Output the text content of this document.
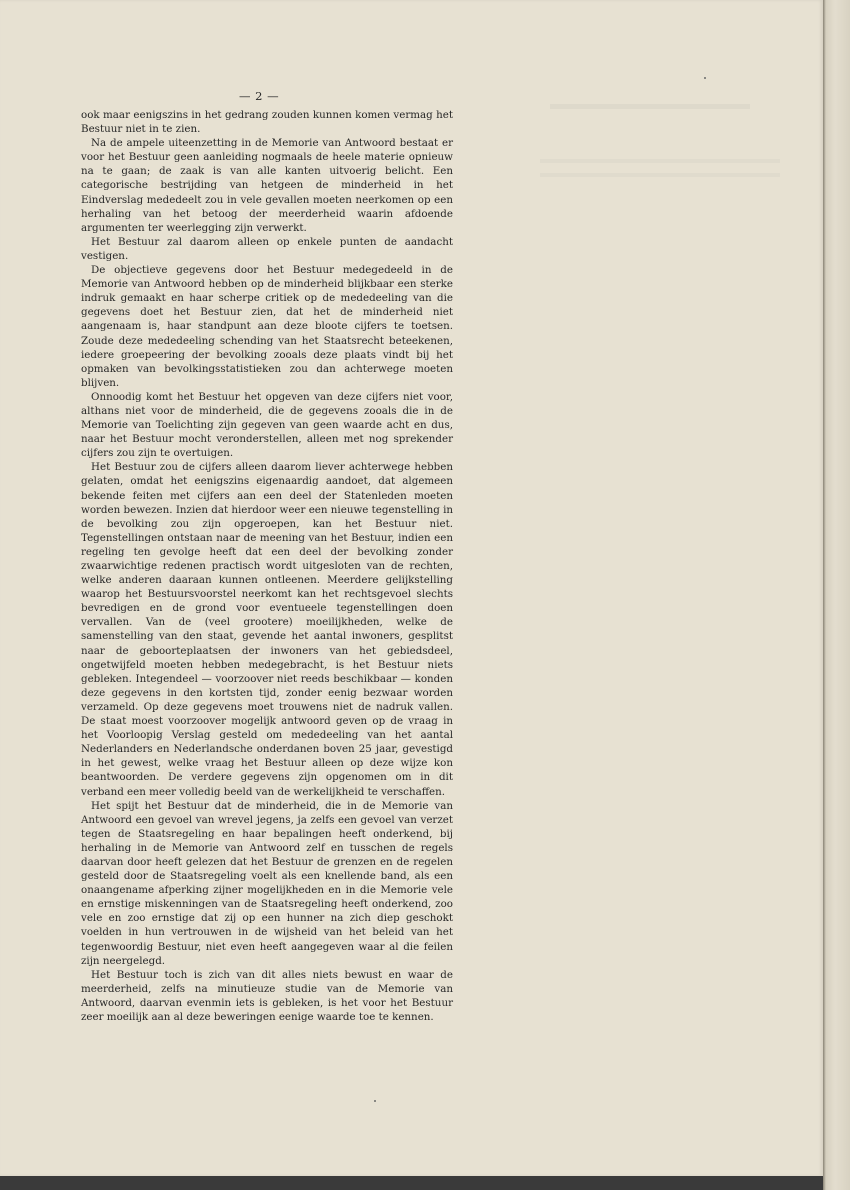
— 2 —

ook maar eenigszins in het gedrang zouden kunnen komen vermag het Bestuur niet in te zien.

Na de ampele uiteenzetting in de Memorie van Antwoord bestaat er voor het Bestuur geen aanleiding nogmaals de heele materie opnieuw na te gaan; de zaak is van alle kanten uitvoerig belicht. Een categorische bestrijding van hetgeen de minderheid in het Eindverslag mededeelt zou in vele gevallen moeten neerkomen op een herhaling van het betoog der meerderheid waarin afdoende argumenten ter weerlegging zijn verwerkt.

Het Bestuur zal daarom alleen op enkele punten de aandacht vestigen.

De objectieve gegevens door het Bestuur medegedeeld in de Memorie van Antwoord hebben op de minderheid blijkbaar een sterke indruk gemaakt en haar scherpe critiek op de mededeeling van die gegevens doet het Bestuur zien, dat het de minderheid niet aangenaam is, haar standpunt aan deze bloote cijfers te toetsen. Zoude deze mededeeling schending van het Staatsrecht beteekenen, iedere groepeering der bevolking zooals deze plaats vindt bij het opmaken van bevolkingsstatistieken zou dan achterwege moeten blijven.

Onnoodig komt het Bestuur het opgeven van deze cijfers niet voor, althans niet voor de minderheid, die de gegevens zooals die in de Memorie van Toelichting zijn gegeven van geen waarde acht en dus, naar het Bestuur mocht veronderstellen, alleen met nog sprekender cijfers zou zijn te overtuigen.

Het Bestuur zou de cijfers alleen daarom liever achterwege hebben gelaten, omdat het eenigszins eigenaardig aandoet, dat algemeen bekende feiten met cijfers aan een deel der Statenleden moeten worden bewezen. Inzien dat hierdoor weer een nieuwe tegenstelling in de bevolking zou zijn opgeroepen, kan het Bestuur niet. Tegenstellingen ontstaan naar de meening van het Bestuur, indien een regeling ten gevolge heeft dat een deel der bevolking zonder zwaarwichtige redenen practisch wordt uitgesloten van de rechten, welke anderen daaraan kunnen ontleenen. Meerdere gelijkstelling waarop het Bestuursvoorstel neerkomt kan het rechtsgevoel slechts bevredigen en de grond voor eventueele tegenstellingen doen vervallen. Van de (veel grootere) moeilijkheden, welke de samenstelling van den staat, gevende het aantal inwoners, gesplitst naar de geboorteplaatsen der inwoners van het gebiedsdeel, ongetwijfeld moeten hebben medegebracht, is het Bestuur niets gebleken. Integendeel — voorzoover niet reeds beschikbaar — konden deze gegevens in den kortsten tijd, zonder eenig bezwaar worden verzameld. Op deze gegevens moet trouwens niet de nadruk vallen. De staat moest voorzoover mogelijk antwoord geven op de vraag in het Voorloopig Verslag gesteld om mededeeling van het aantal Nederlanders en Nederlandsche onderdanen boven 25 jaar, gevestigd in het gewest, welke vraag het Bestuur alleen op deze wijze kon beantwoorden. De verdere gegevens zijn opgenomen om in dit verband een meer volledig beeld van de werkelijkheid te verschaffen.

Het spijt het Bestuur dat de minderheid, die in de Memorie van Antwoord een gevoel van wrevel jegens, ja zelfs een gevoel van verzet tegen de Staatsregeling en haar bepalingen heeft onderkend, bij herhaling in de Memorie van Antwoord zelf en tusschen de regels daarvan door heeft gelezen dat het Bestuur de grenzen en de regelen gesteld door de Staatsregeling voelt als een knellende band, als een onaangename afperking zijner mogelijkheden en in die Memorie vele en ernstige miskenningen van de Staatsregeling heeft onderkend, zoo vele en zoo ernstige dat zij op een hunner na zich diep geschokt voelden in hun vertrouwen in de wijsheid van het beleid van het tegenwoordig Bestuur, niet even heeft aangegeven waar al die feilen zijn neergelegd.

Het Bestuur toch is zich van dit alles niets bewust en waar de meerderheid, zelfs na minutieuze studie van de Memorie van Antwoord, daarvan evenmin iets is gebleken, is het voor het Bestuur zeer moeilijk aan al deze beweringen eenige waarde toe te kennen.
